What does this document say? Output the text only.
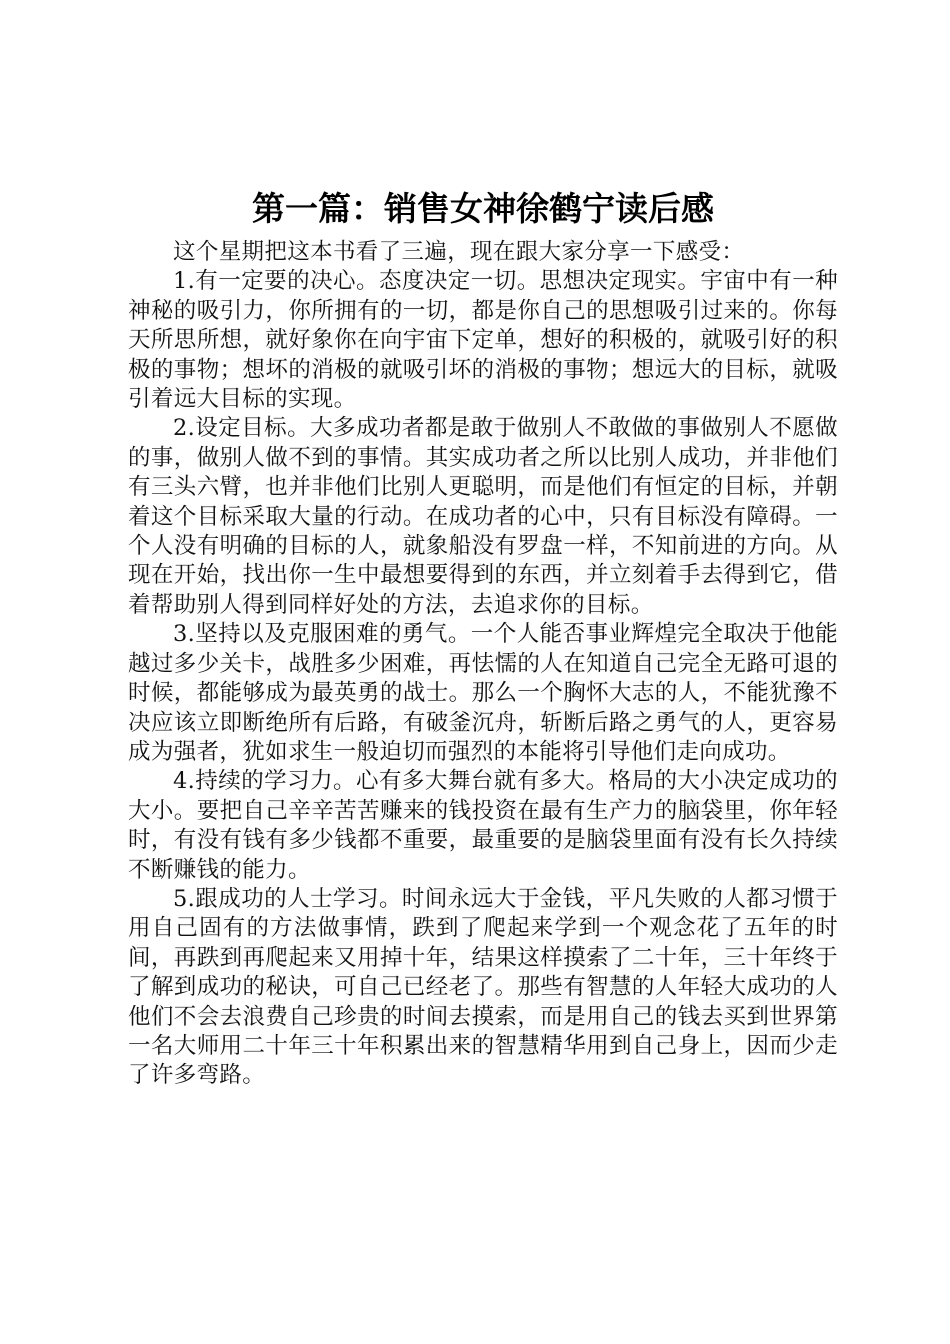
第一篇：销售女神徐鹤宁读后感

这个星期把这本书看了三遍，现在跟大家分享一下感受：

1.有一定要的决心。态度决定一切。思想决定现实。宇宙中有一种神秘的吸引力，你所拥有的一切，都是你自己的思想吸引过来的。你每天所思所想，就好象你在向宇宙下定单，想好的积极的，就吸引好的积极的事物；想坏的消极的就吸引坏的消极的事物；想远大的目标，就吸引着远大目标的实现。

2.设定目标。大多成功者都是敢于做别人不敢做的事做别人不愿做的事，做别人做不到的事情。其实成功者之所以比别人成功，并非他们有三头六臂，也并非他们比别人更聪明，而是他们有恒定的目标，并朝着这个目标采取大量的行动。在成功者的心中，只有目标没有障碍。一个人没有明确的目标的人，就象船没有罗盘一样，不知前进的方向。从现在开始，找出你一生中最想要得到的东西，并立刻着手去得到它，借着帮助别人得到同样好处的方法，去追求你的目标。

3.坚持以及克服困难的勇气。一个人能否事业辉煌完全取决于他能越过多少关卡，战胜多少困难，再怯懦的人在知道自己完全无路可退的时候，都能够成为最英勇的战士。那么一个胸怀大志的人，不能犹豫不决应该立即断绝所有后路，有破釜沉舟，斩断后路之勇气的人，更容易成为强者，犹如求生一般迫切而强烈的本能将引导他们走向成功。

4.持续的学习力。心有多大舞台就有多大。格局的大小决定成功的大小。要把自己辛辛苦苦赚来的钱投资在最有生产力的脑袋里，你年轻时，有没有钱有多少钱都不重要，最重要的是脑袋里面有没有长久持续不断赚钱的能力。

5.跟成功的人士学习。时间永远大于金钱，平凡失败的人都习惯于用自己固有的方法做事情，跌到了爬起来学到一个观念花了五年的时间，再跌到再爬起来又用掉十年，结果这样摸索了二十年，三十年终于了解到成功的秘诀，可自己已经老了。那些有智慧的人年轻大成功的人他们不会去浪费自己珍贵的时间去摸索，而是用自己的钱去买到世界第一名大师用二十年三十年积累出来的智慧精华用到自己身上，因而少走了许多弯路。
